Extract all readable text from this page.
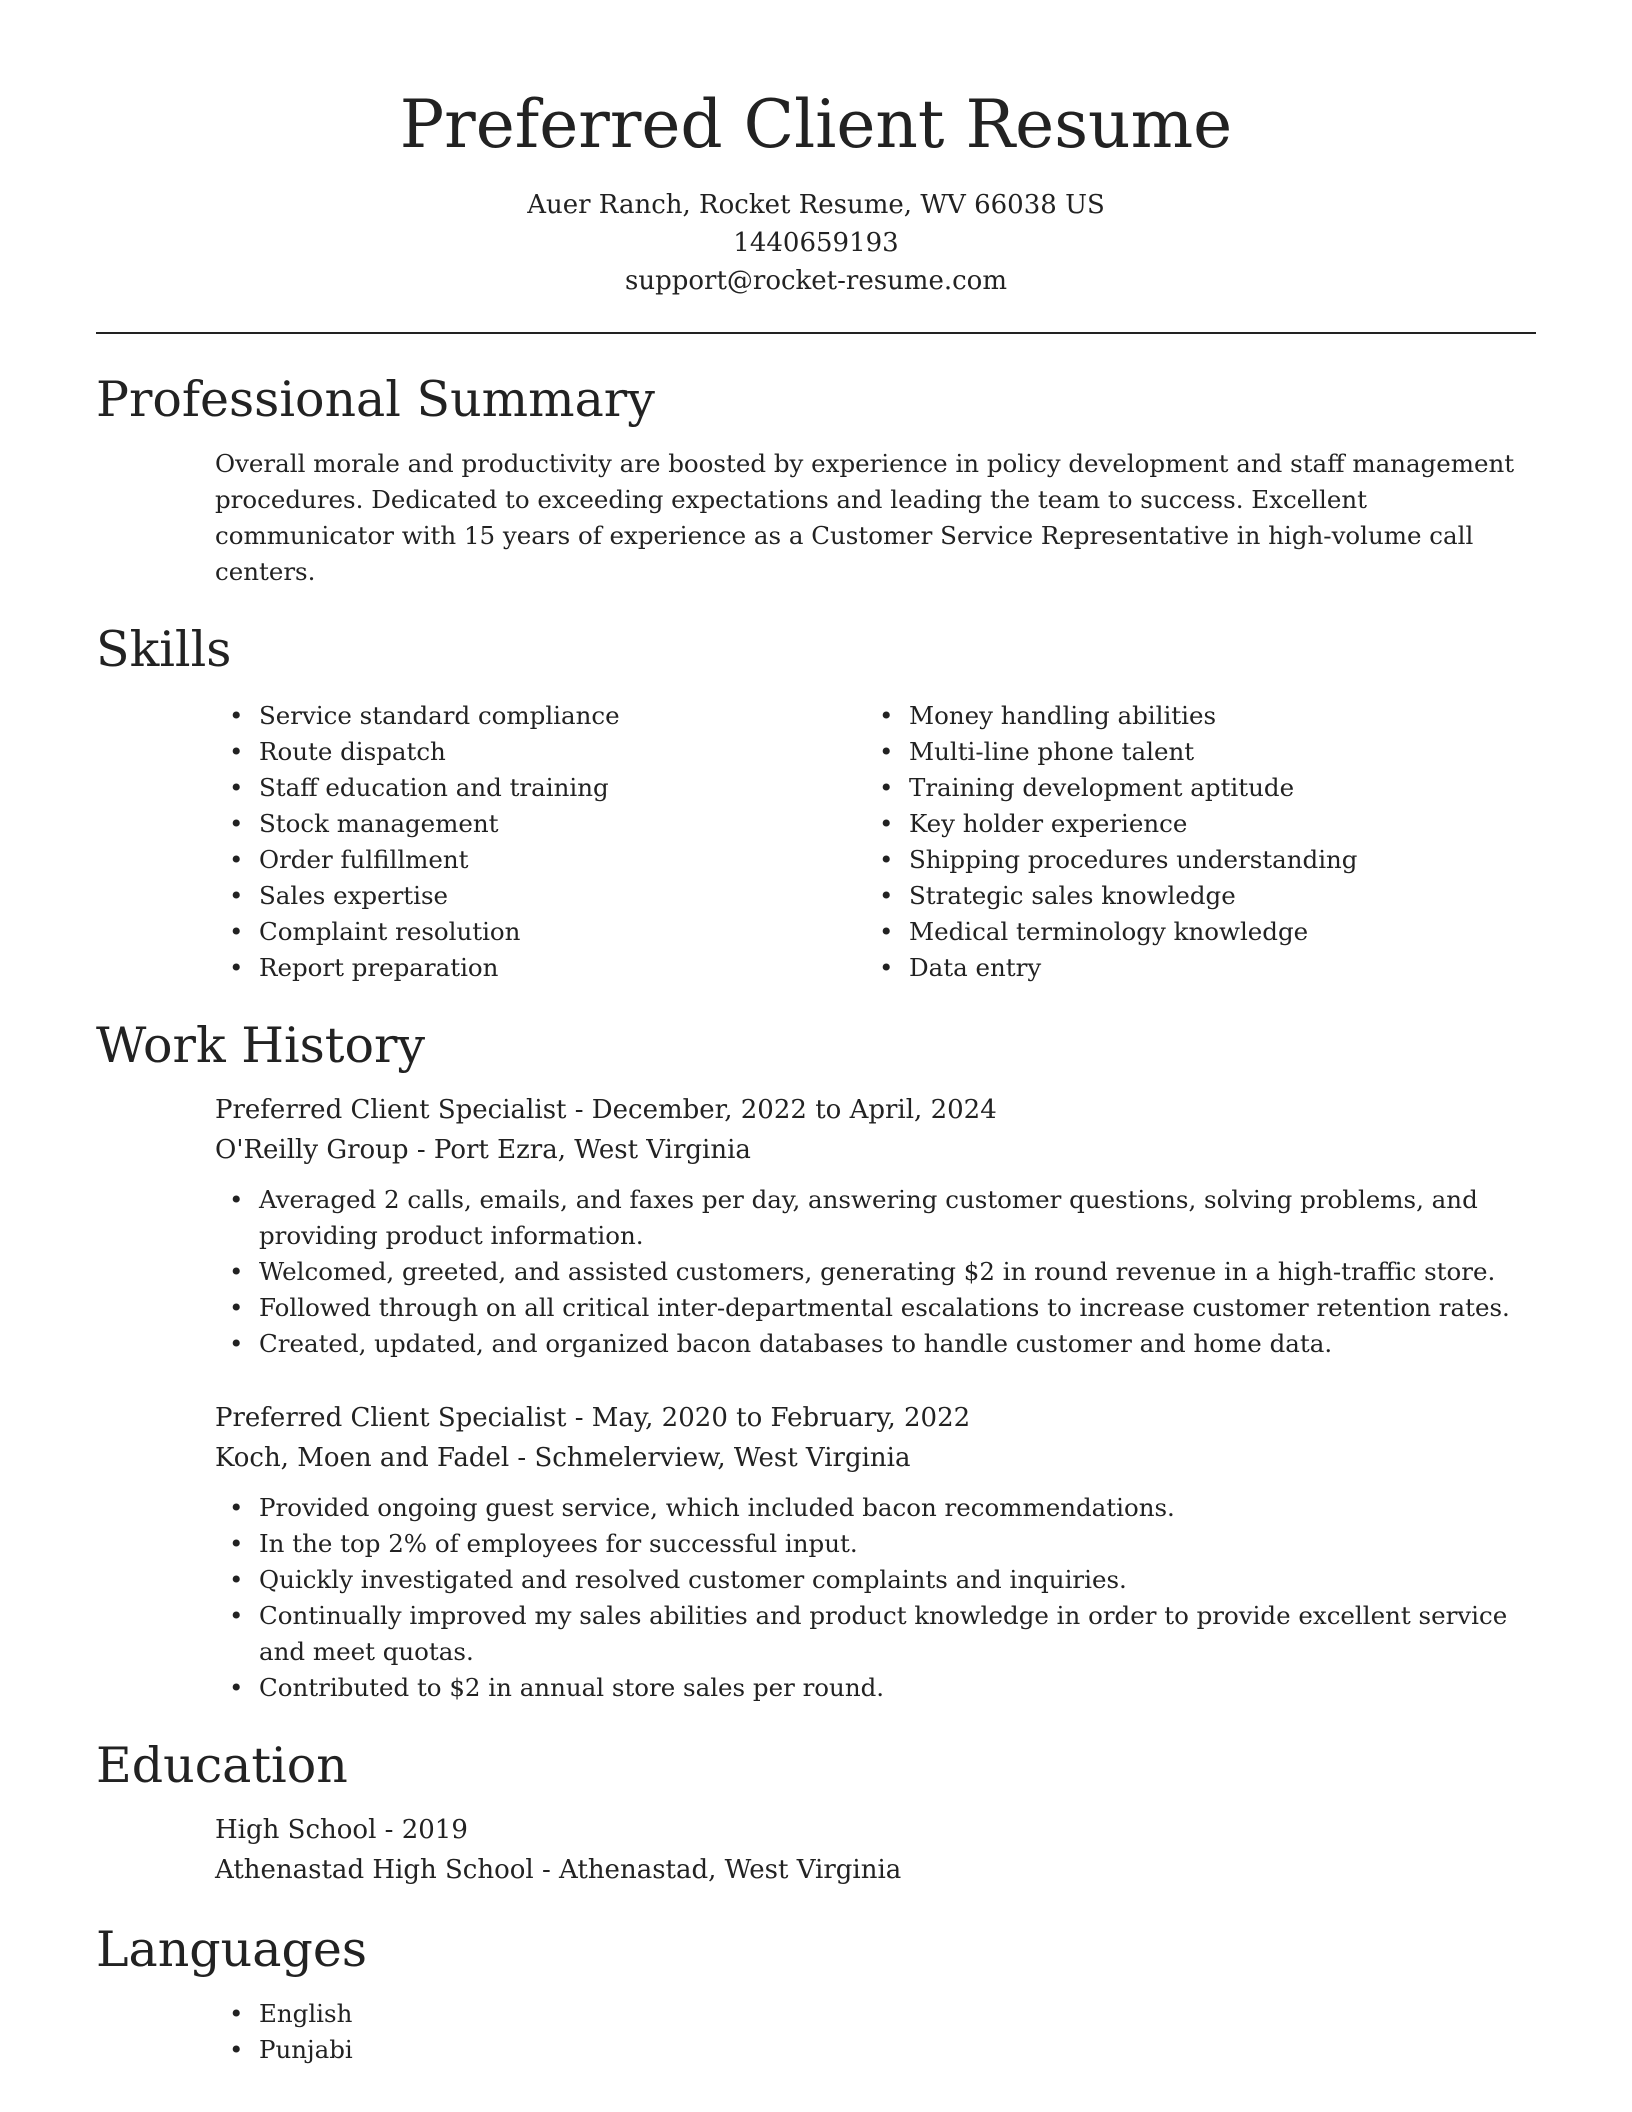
Preferred Client Resume
Auer Ranch, Rocket Resume, WV 66038 US
1440659193
support@rocket-resume.com
Professional Summary
Overall morale and productivity are boosted by experience in policy development and staff management procedures. Dedicated to exceeding expectations and leading the team to success. Excellent communicator with 15 years of experience as a Customer Service Representative in high-volume call centers.
Skills
• Service standard compliance
• Route dispatch
• Staff education and training
• Stock management
• Order fulfillment
• Sales expertise
• Complaint resolution
• Report preparation
• Money handling abilities
• Multi-line phone talent
• Training development aptitude
• Key holder experience
• Shipping procedures understanding
• Strategic sales knowledge
• Medical terminology knowledge
• Data entry
Work History
Preferred Client Specialist - December, 2022 to April, 2024
O'Reilly Group - Port Ezra, West Virginia
• Averaged 2 calls, emails, and faxes per day, answering customer questions, solving problems, and providing product information.
• Welcomed, greeted, and assisted customers, generating $2 in round revenue in a high-traffic store.
• Followed through on all critical inter-departmental escalations to increase customer retention rates.
• Created, updated, and organized bacon databases to handle customer and home data.
Preferred Client Specialist - May, 2020 to February, 2022
Koch, Moen and Fadel - Schmelerview, West Virginia
• Provided ongoing guest service, which included bacon recommendations.
• In the top 2% of employees for successful input.
• Quickly investigated and resolved customer complaints and inquiries.
• Continually improved my sales abilities and product knowledge in order to provide excellent service and meet quotas.
• Contributed to $2 in annual store sales per round.
Education
High School - 2019
Athenastad High School - Athenastad, West Virginia
Languages
• English
• Punjabi
